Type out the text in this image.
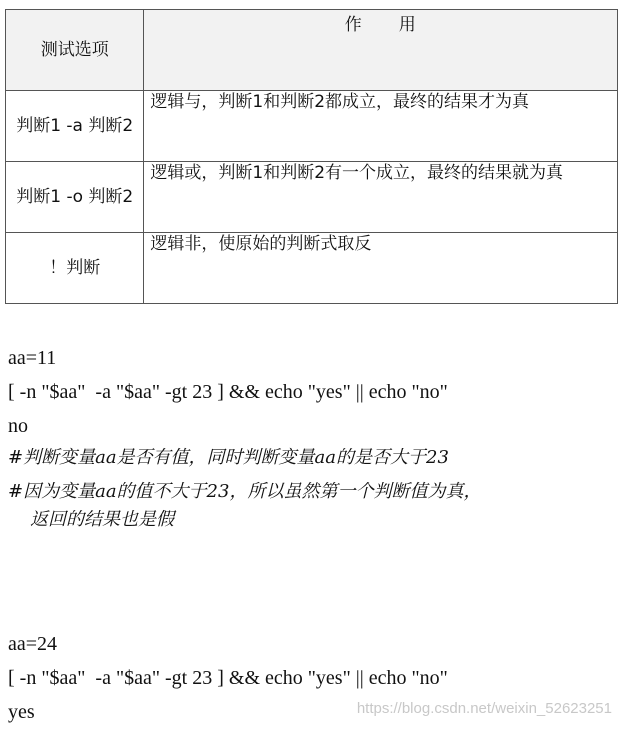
测试选项	作　　用
判断1 -a 判断2	逻辑与，判断1和判断2都成立，最终的结果才为真
判断1 -o 判断2	逻辑或，判断1和判断2有一个成立，最终的结果就为真
！判断	逻辑非，使原始的判断式取反
aa=11
[ -n "$aa"  -a "$aa" -gt 23 ] && echo "yes" || echo "no"
no
#判断变量aa是否有值，同时判断变量aa的是否大于23
#因为变量aa的值不大于23，所以虽然第一个判断值为真，
返回的结果也是假
aa=24
[ -n "$aa"  -a "$aa" -gt 23 ] && echo "yes" || echo "no"
yes	https://blog.csdn.net/weixin_52623251
